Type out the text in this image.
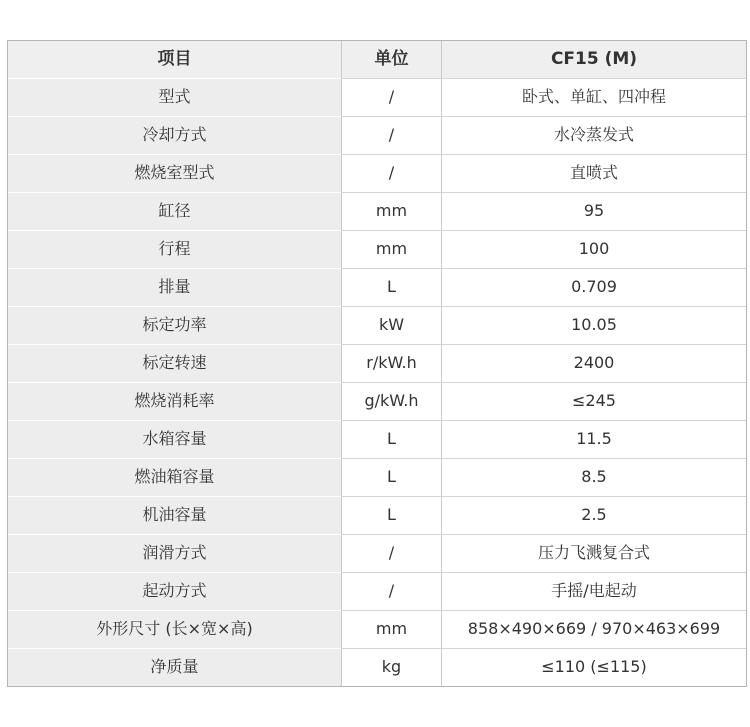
项目	单位	CF15 (M)
型式	/	卧式、单缸、四冲程
冷却方式	/	水冷蒸发式
燃烧室型式	/	直喷式
缸径	mm	95
行程	mm	100
排量	L	0.709
标定功率	kW	10.05
标定转速	r/kW.h	2400
燃烧消耗率	g/kW.h	≤245
水箱容量	L	11.5
燃油箱容量	L	8.5
机油容量	L	2.5
润滑方式	/	压力飞溅复合式
起动方式	/	手摇/电起动
外形尺寸 (长×宽×高)	mm	858×490×669 / 970×463×699
净质量	kg	≤110 (≤115)
